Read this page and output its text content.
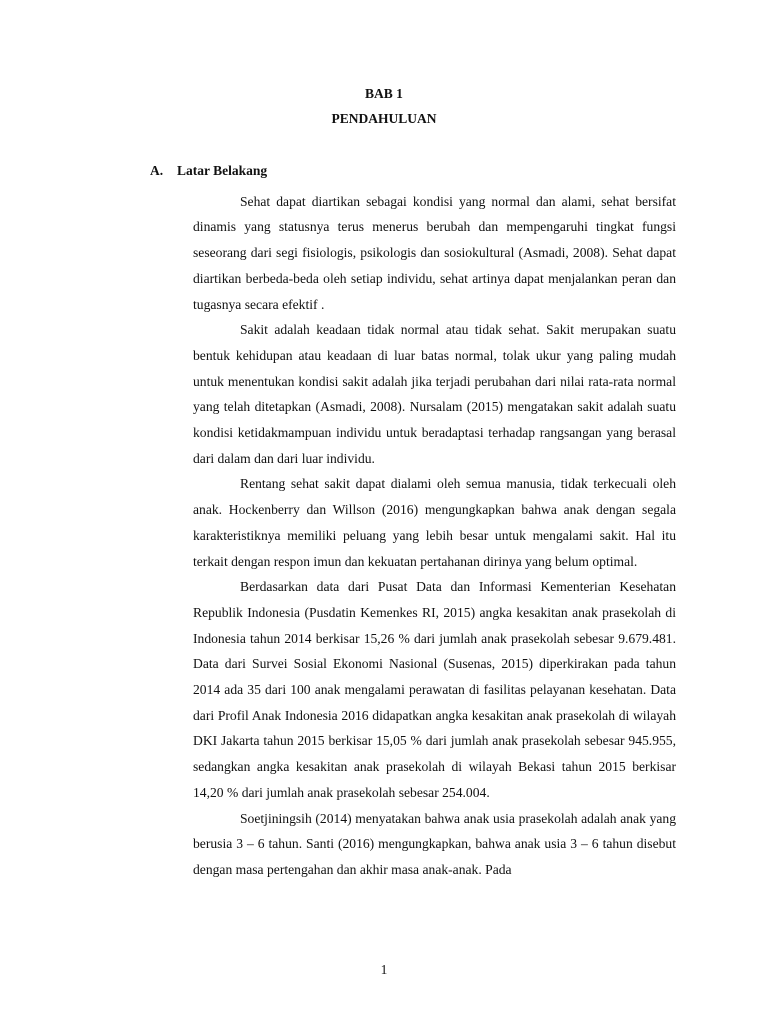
BAB 1
PENDAHULUAN
A. Latar Belakang

Sehat dapat diartikan sebagai kondisi yang normal dan alami, sehat bersifat dinamis yang statusnya terus menerus berubah dan mempengaruhi tingkat fungsi seseorang dari segi fisiologis, psikologis dan sosiokultural (Asmadi, 2008). Sehat dapat diartikan berbeda-beda oleh setiap individu, sehat artinya dapat menjalankan peran dan tugasnya secara efektif .

Sakit adalah keadaan tidak normal atau tidak sehat. Sakit merupakan suatu bentuk kehidupan atau keadaan di luar batas normal, tolak ukur yang paling mudah untuk menentukan kondisi sakit adalah jika terjadi perubahan dari nilai rata-rata normal yang telah ditetapkan (Asmadi, 2008). Nursalam (2015) mengatakan sakit adalah suatu kondisi ketidakmampuan individu untuk beradaptasi terhadap rangsangan yang berasal dari dalam dan dari luar individu.

Rentang sehat sakit dapat dialami oleh semua manusia, tidak terkecuali oleh anak. Hockenberry dan Willson (2016) mengungkapkan bahwa anak dengan segala karakteristiknya memiliki peluang yang lebih besar untuk mengalami sakit. Hal itu terkait dengan respon imun dan kekuatan pertahanan dirinya yang belum optimal.

Berdasarkan data dari Pusat Data dan Informasi Kementerian Kesehatan Republik Indonesia (Pusdatin Kemenkes RI, 2015) angka kesakitan anak prasekolah di Indonesia tahun 2014 berkisar 15,26 % dari jumlah anak prasekolah sebesar 9.679.481. Data dari Survei Sosial Ekonomi Nasional (Susenas, 2015) diperkirakan pada tahun 2014 ada 35 dari 100 anak mengalami perawatan di fasilitas pelayanan kesehatan. Data dari Profil Anak Indonesia 2016 didapatkan angka kesakitan anak prasekolah di wilayah DKI Jakarta tahun 2015 berkisar 15,05 % dari jumlah anak prasekolah sebesar 945.955, sedangkan angka kesakitan anak prasekolah di wilayah Bekasi tahun 2015 berkisar 14,20 % dari jumlah anak prasekolah sebesar 254.004.

Soetjiningsih (2014) menyatakan bahwa anak usia prasekolah adalah anak yang berusia 3 – 6 tahun. Santi (2016) mengungkapkan, bahwa anak usia 3 – 6 tahun disebut dengan masa pertengahan dan akhir masa anak-anak. Pada

1
